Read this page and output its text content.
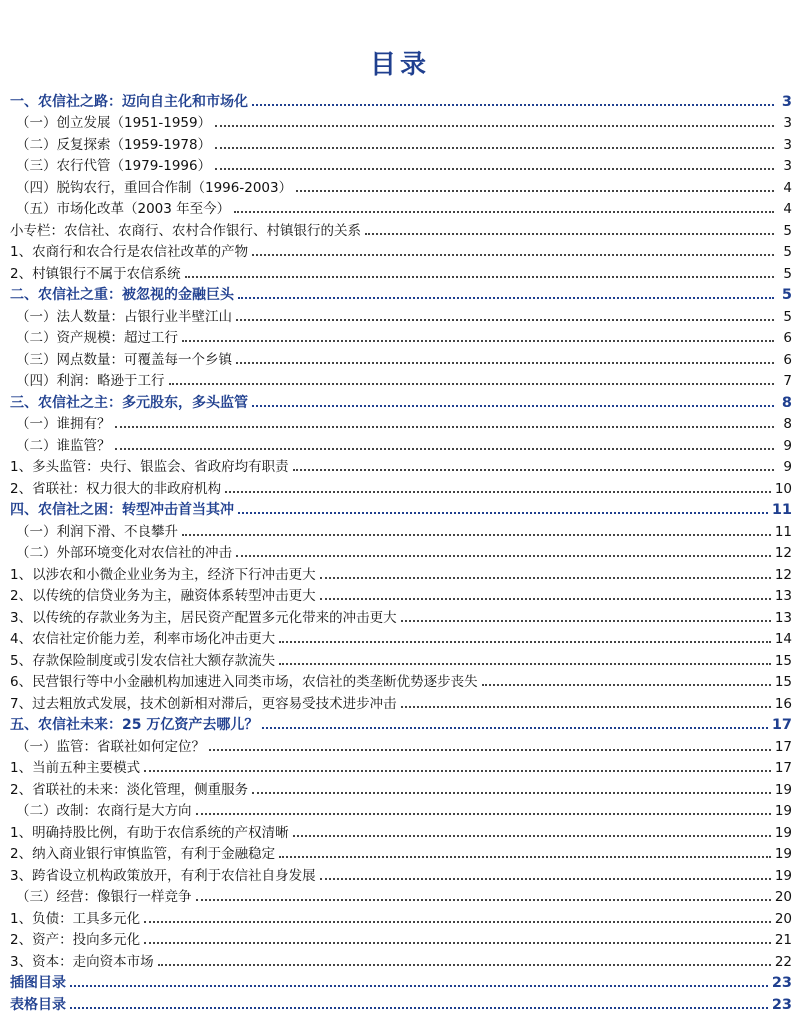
目录
一、农信社之路：迈向自主化和市场化	3
（一）创立发展（1951-1959）	3
（二）反复探索（1959-1978）	3
（三）农行代管（1979-1996）	3
（四）脱钩农行，重回合作制（1996-2003）	4
（五）市场化改革（2003 年至今）	4
小专栏：农信社、农商行、农村合作银行、村镇银行的关系	5
1、农商行和农合行是农信社改革的产物	5
2、村镇银行不属于农信系统	5
二、农信社之重：被忽视的金融巨头	5
（一）法人数量：占银行业半壁江山	5
（二）资产规模：超过工行	6
（三）网点数量：可覆盖每一个乡镇	6
（四）利润：略逊于工行	7
三、农信社之主：多元股东，多头监管	8
（一）谁拥有？	8
（二）谁监管？	9
1、多头监管：央行、银监会、省政府均有职责	9
2、省联社：权力很大的非政府机构	10
四、农信社之困：转型冲击首当其冲	11
（一）利润下滑、不良攀升	11
（二）外部环境变化对农信社的冲击	12
1、以涉农和小微企业业务为主，经济下行冲击更大	12
2、以传统的信贷业务为主，融资体系转型冲击更大	13
3、以传统的存款业务为主，居民资产配置多元化带来的冲击更大	13
4、农信社定价能力差，利率市场化冲击更大	14
5、存款保险制度或引发农信社大额存款流失	15
6、民营银行等中小金融机构加速进入同类市场，农信社的类垄断优势逐步丧失	15
7、过去粗放式发展，技术创新相对滞后，更容易受技术进步冲击	16
五、农信社未来：25 万亿资产去哪儿？	17
（一）监管：省联社如何定位？	17
1、当前五种主要模式	17
2、省联社的未来：淡化管理，侧重服务	19
（二）改制：农商行是大方向	19
1、明确持股比例，有助于农信系统的产权清晰	19
2、纳入商业银行审慎监管，有利于金融稳定	19
3、跨省设立机构政策放开，有利于农信社自身发展	19
（三）经营：像银行一样竞争	20
1、负债：工具多元化	20
2、资产：投向多元化	21
3、资本：走向资本市场	22
插图目录	23
表格目录	23
